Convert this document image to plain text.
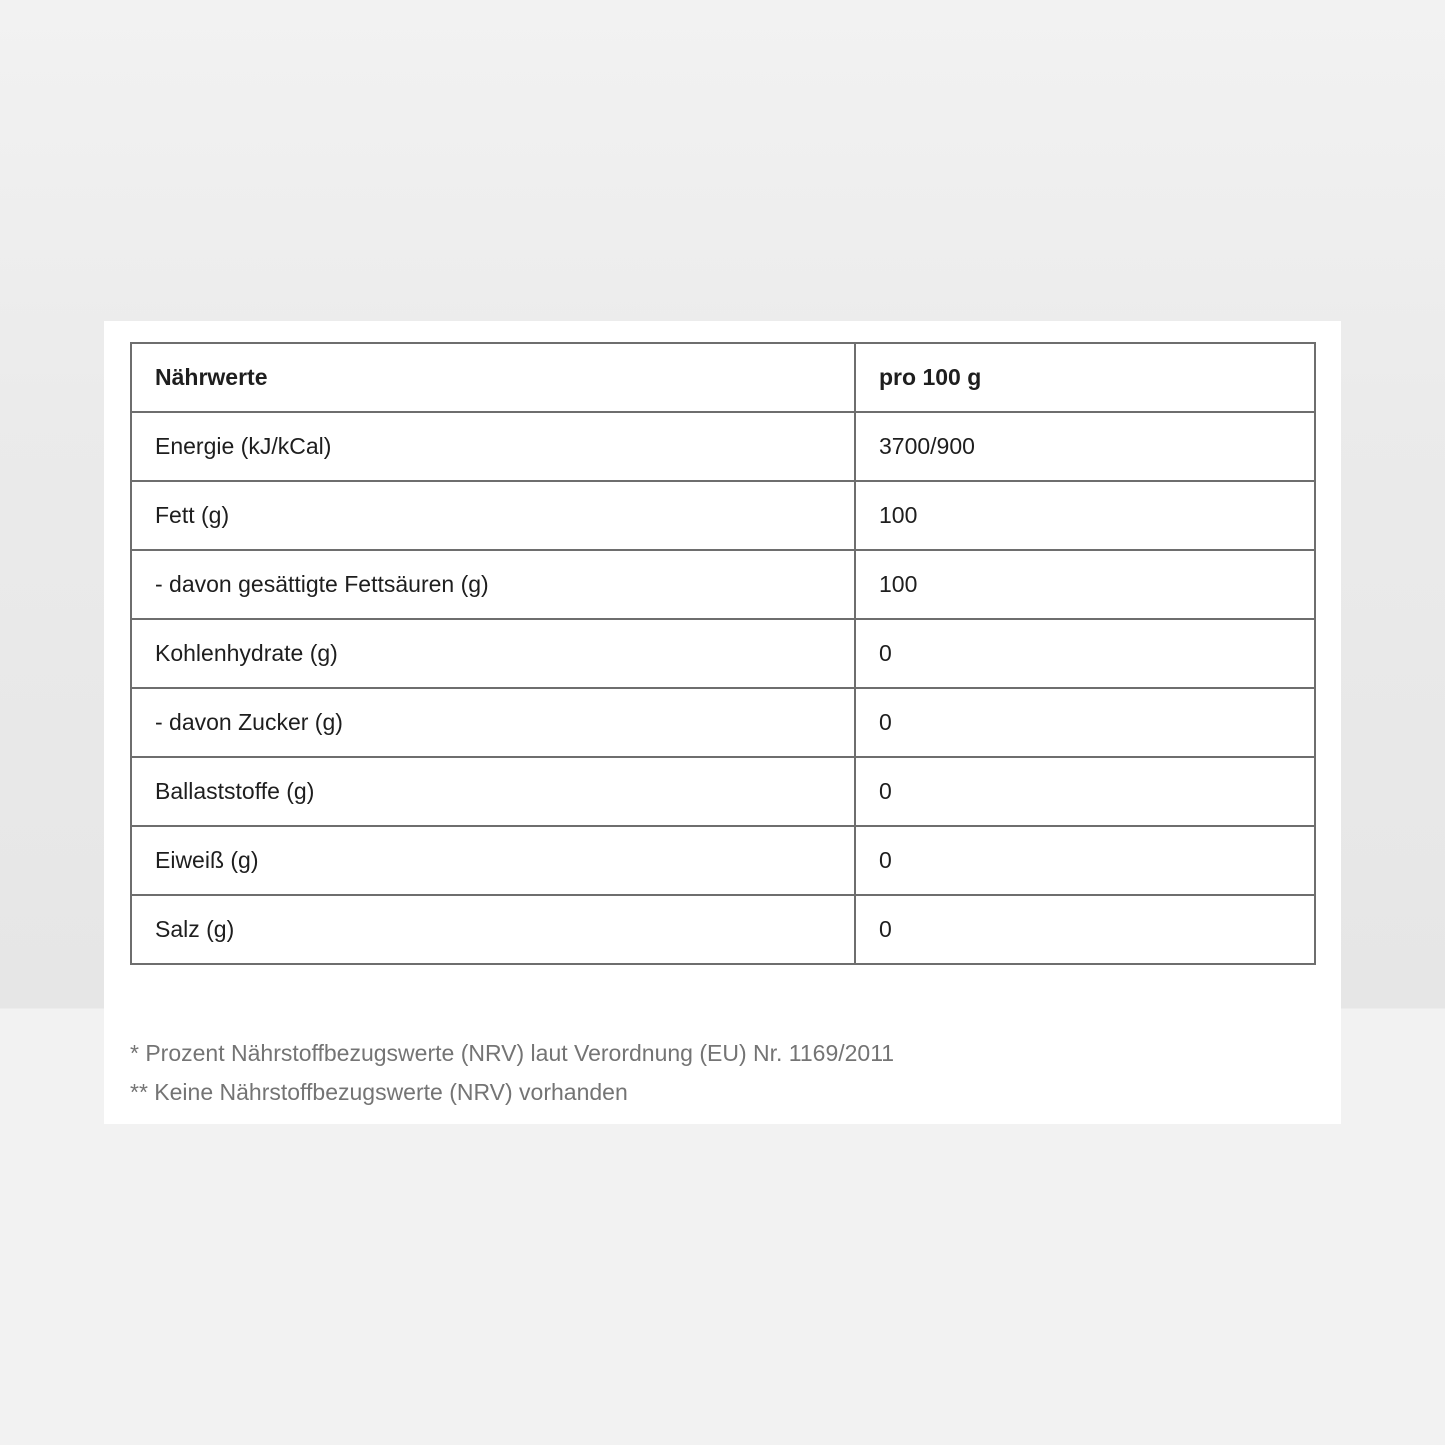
Nährwerte	pro 100 g
Energie (kJ/kCal)	3700/900
Fett (g)	100
- davon gesättigte Fettsäuren (g)	100
Kohlenhydrate (g)	0
- davon Zucker (g)	0
Ballaststoffe (g)	0
Eiweiß (g)	0
Salz (g)	0

* Prozent Nährstoffbezugswerte (NRV) laut Verordnung (EU) Nr. 1169/2011

** Keine Nährstoffbezugswerte (NRV) vorhanden
